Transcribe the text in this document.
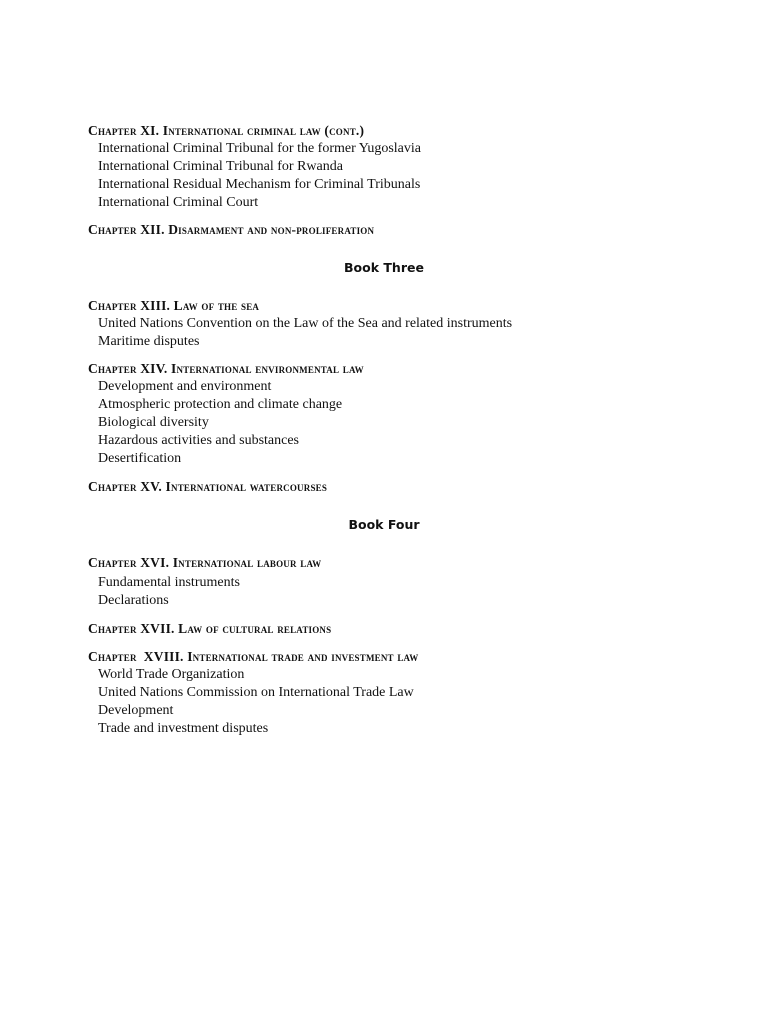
Chapter XI. International criminal law (cont.)

International Criminal Tribunal for the former Yugoslavia

International Criminal Tribunal for Rwanda

International Residual Mechanism for Criminal Tribunals

International Criminal Court

Chapter XII. Disarmament and non-proliferation

Book Three

Chapter XIII. Law of the sea

United Nations Convention on the Law of the Sea and related instruments

Maritime disputes

Chapter XIV. International environmental law

Development and environment

Atmospheric protection and climate change

Biological diversity

Hazardous activities and substances

Desertification

Chapter XV. International watercourses

Book Four

Chapter XVI. International labour law

Fundamental instruments

Declarations

Chapter XVII. Law of cultural relations

Chapter  XVIII. International trade and investment law

World Trade Organization

United Nations Commission on International Trade Law

Development

Trade and investment disputes
